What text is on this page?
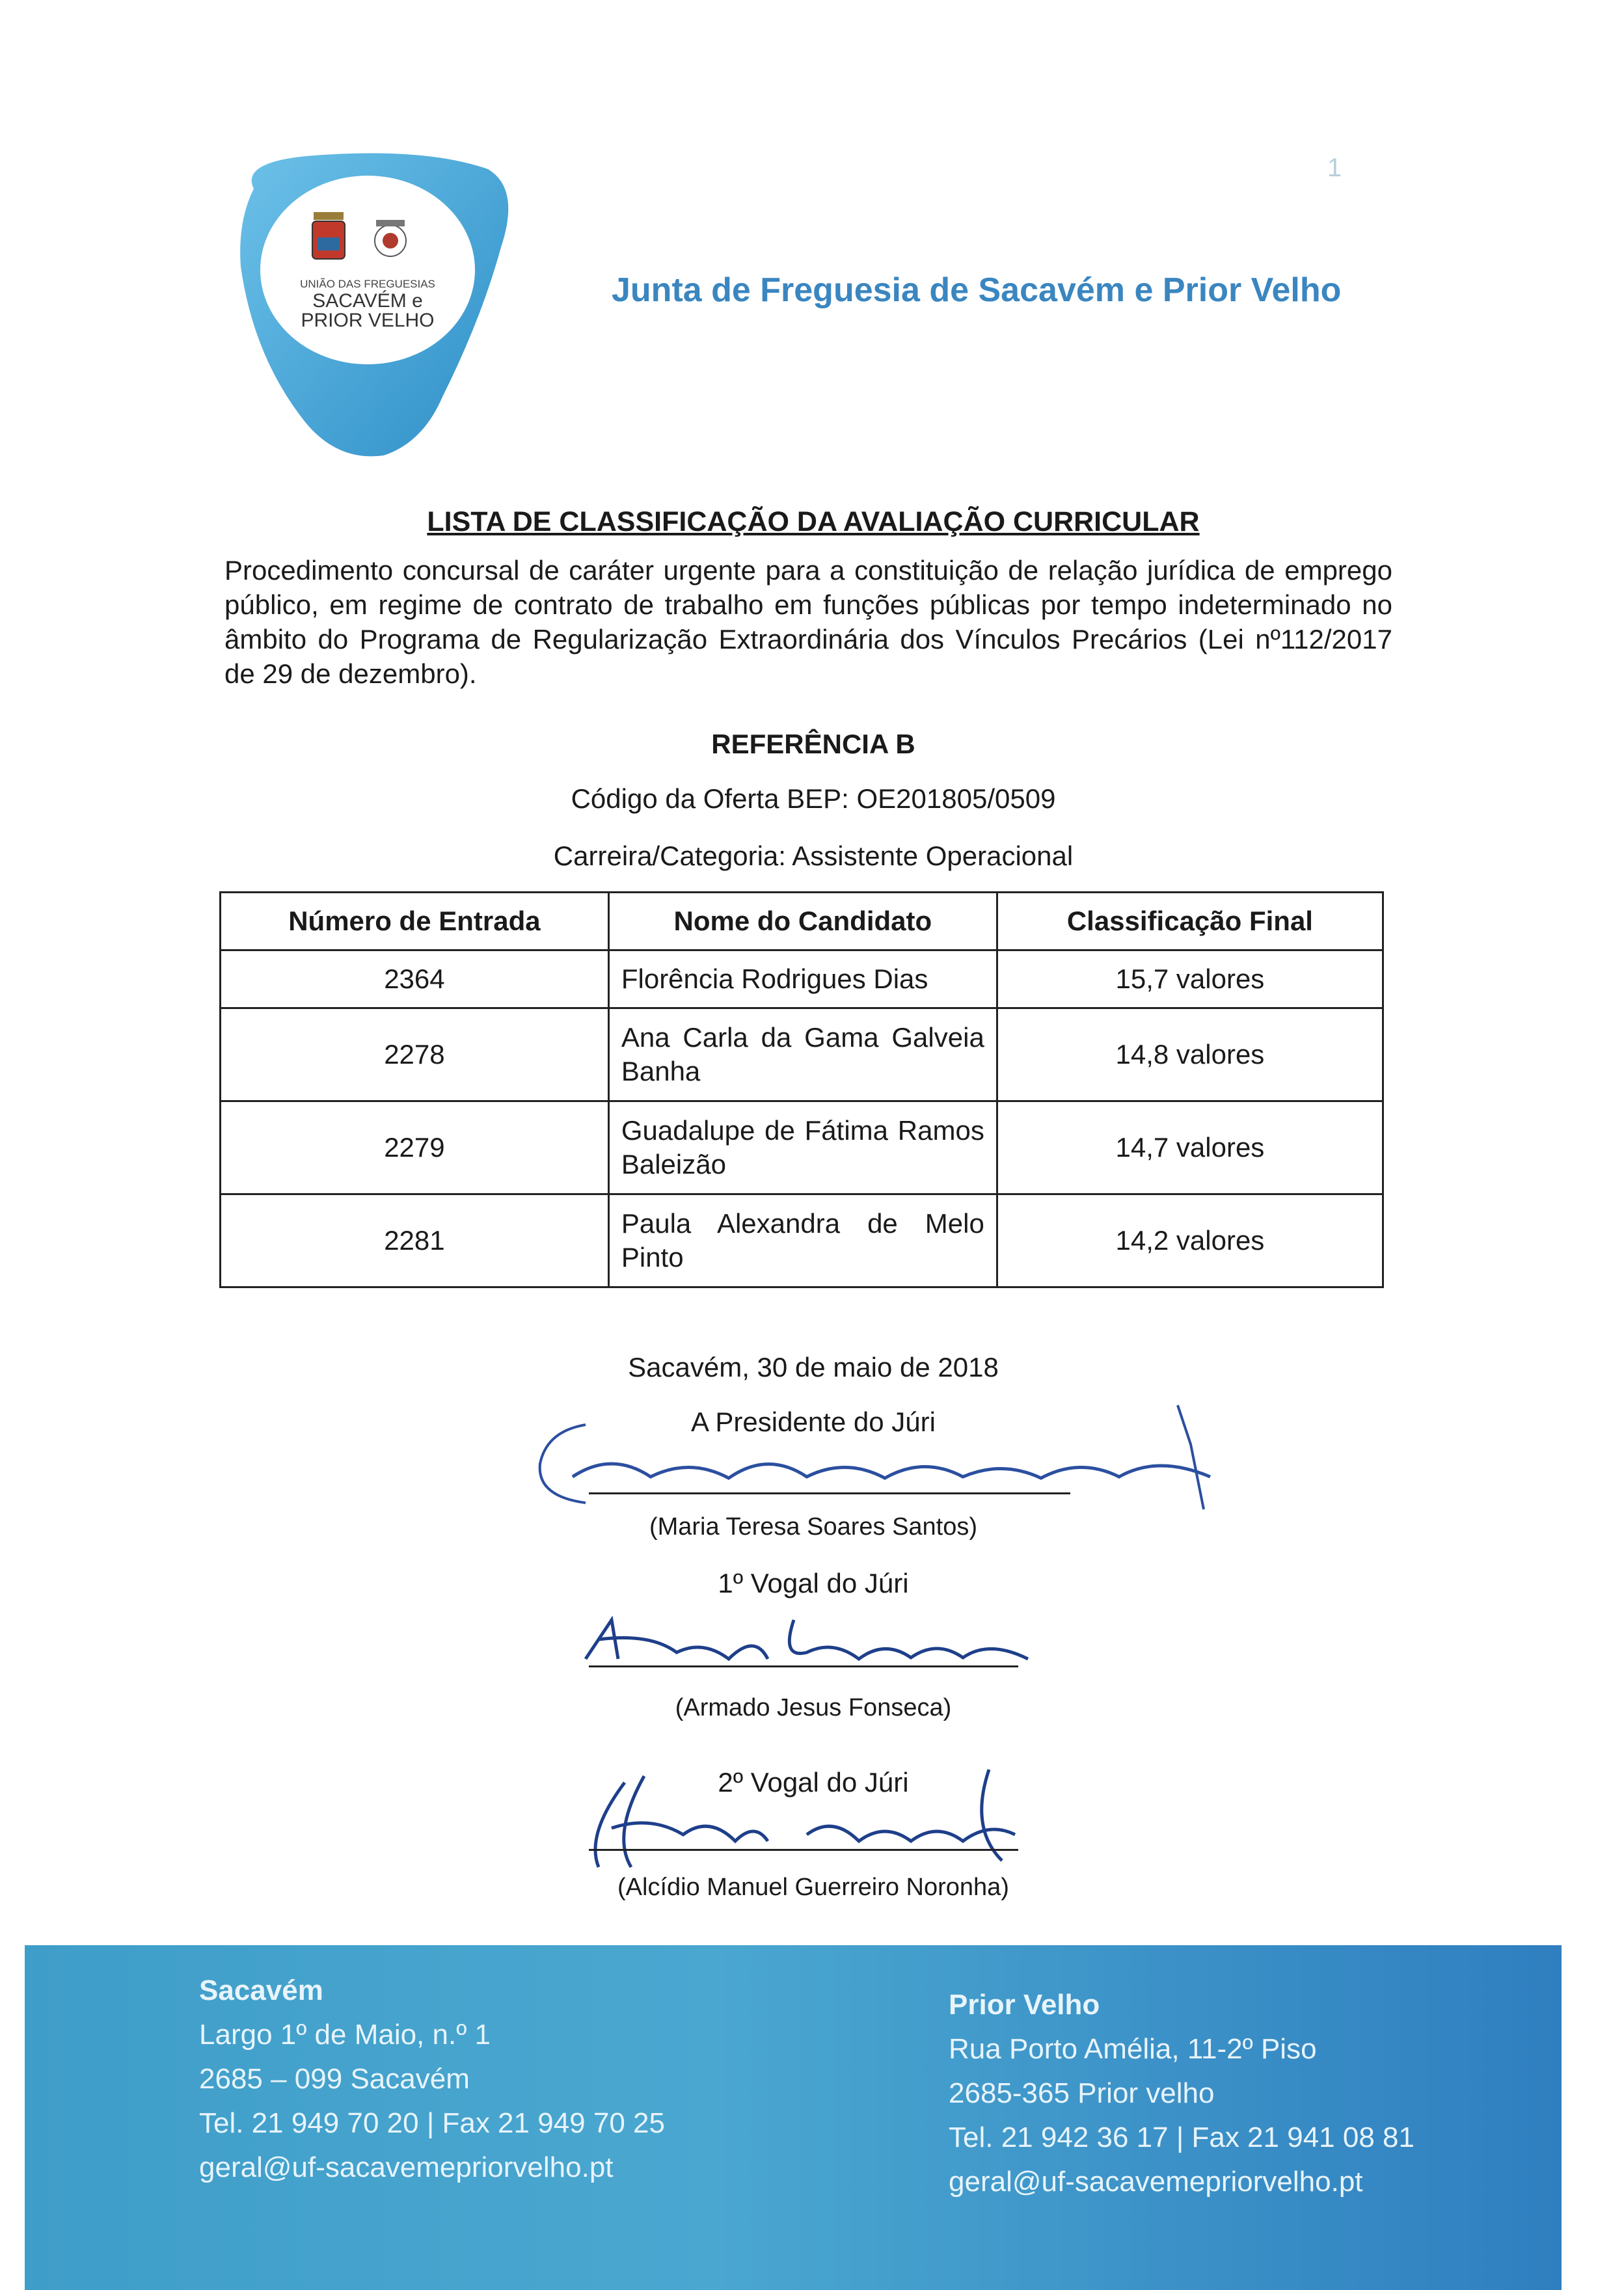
1
UNIÃO DAS FREGUESIAS
SACAVÉM e
PRIOR VELHO
Junta de Freguesia de Sacavém e Prior Velho
LISTA DE CLASSIFICAÇÃO DA AVALIAÇÃO CURRICULAR
Procedimento concursal de caráter urgente para a constituição de relação jurídica de emprego público, em regime de contrato de trabalho em funções públicas por tempo indeterminado no âmbito do Programa de Regularização Extraordinária dos Vínculos Precários (Lei nº112/2017 de 29 de dezembro).
REFERÊNCIA B
Código da Oferta BEP: OE201805/0509
Carreira/Categoria: Assistente Operacional
Número de Entrada	Nome do Candidato	Classificação Final
2364	Florência Rodrigues Dias	15,7 valores
2278	Ana Carla da Gama Galveia Banha	14,8 valores
2279	Guadalupe de Fátima Ramos Baleizão	14,7 valores
2281	Paula Alexandra de Melo Pinto	14,2 valores
Sacavém, 30 de maio de 2018
A Presidente do Júri
(Maria Teresa Soares Santos)
1º Vogal do Júri
(Armado Jesus Fonseca)
2º Vogal do Júri
(Alcídio Manuel Guerreiro Noronha)
Sacavém
Largo 1º de Maio, n.º 1
2685 – 099 Sacavém
Tel. 21 949 70 20 | Fax 21 949 70 25
geral@uf-sacavemepriorvelho.pt
Prior Velho
Rua Porto Amélia, 11-2º Piso
2685-365 Prior velho
Tel. 21 942 36 17 | Fax 21 941 08 81
geral@uf-sacavemepriorvelho.pt
